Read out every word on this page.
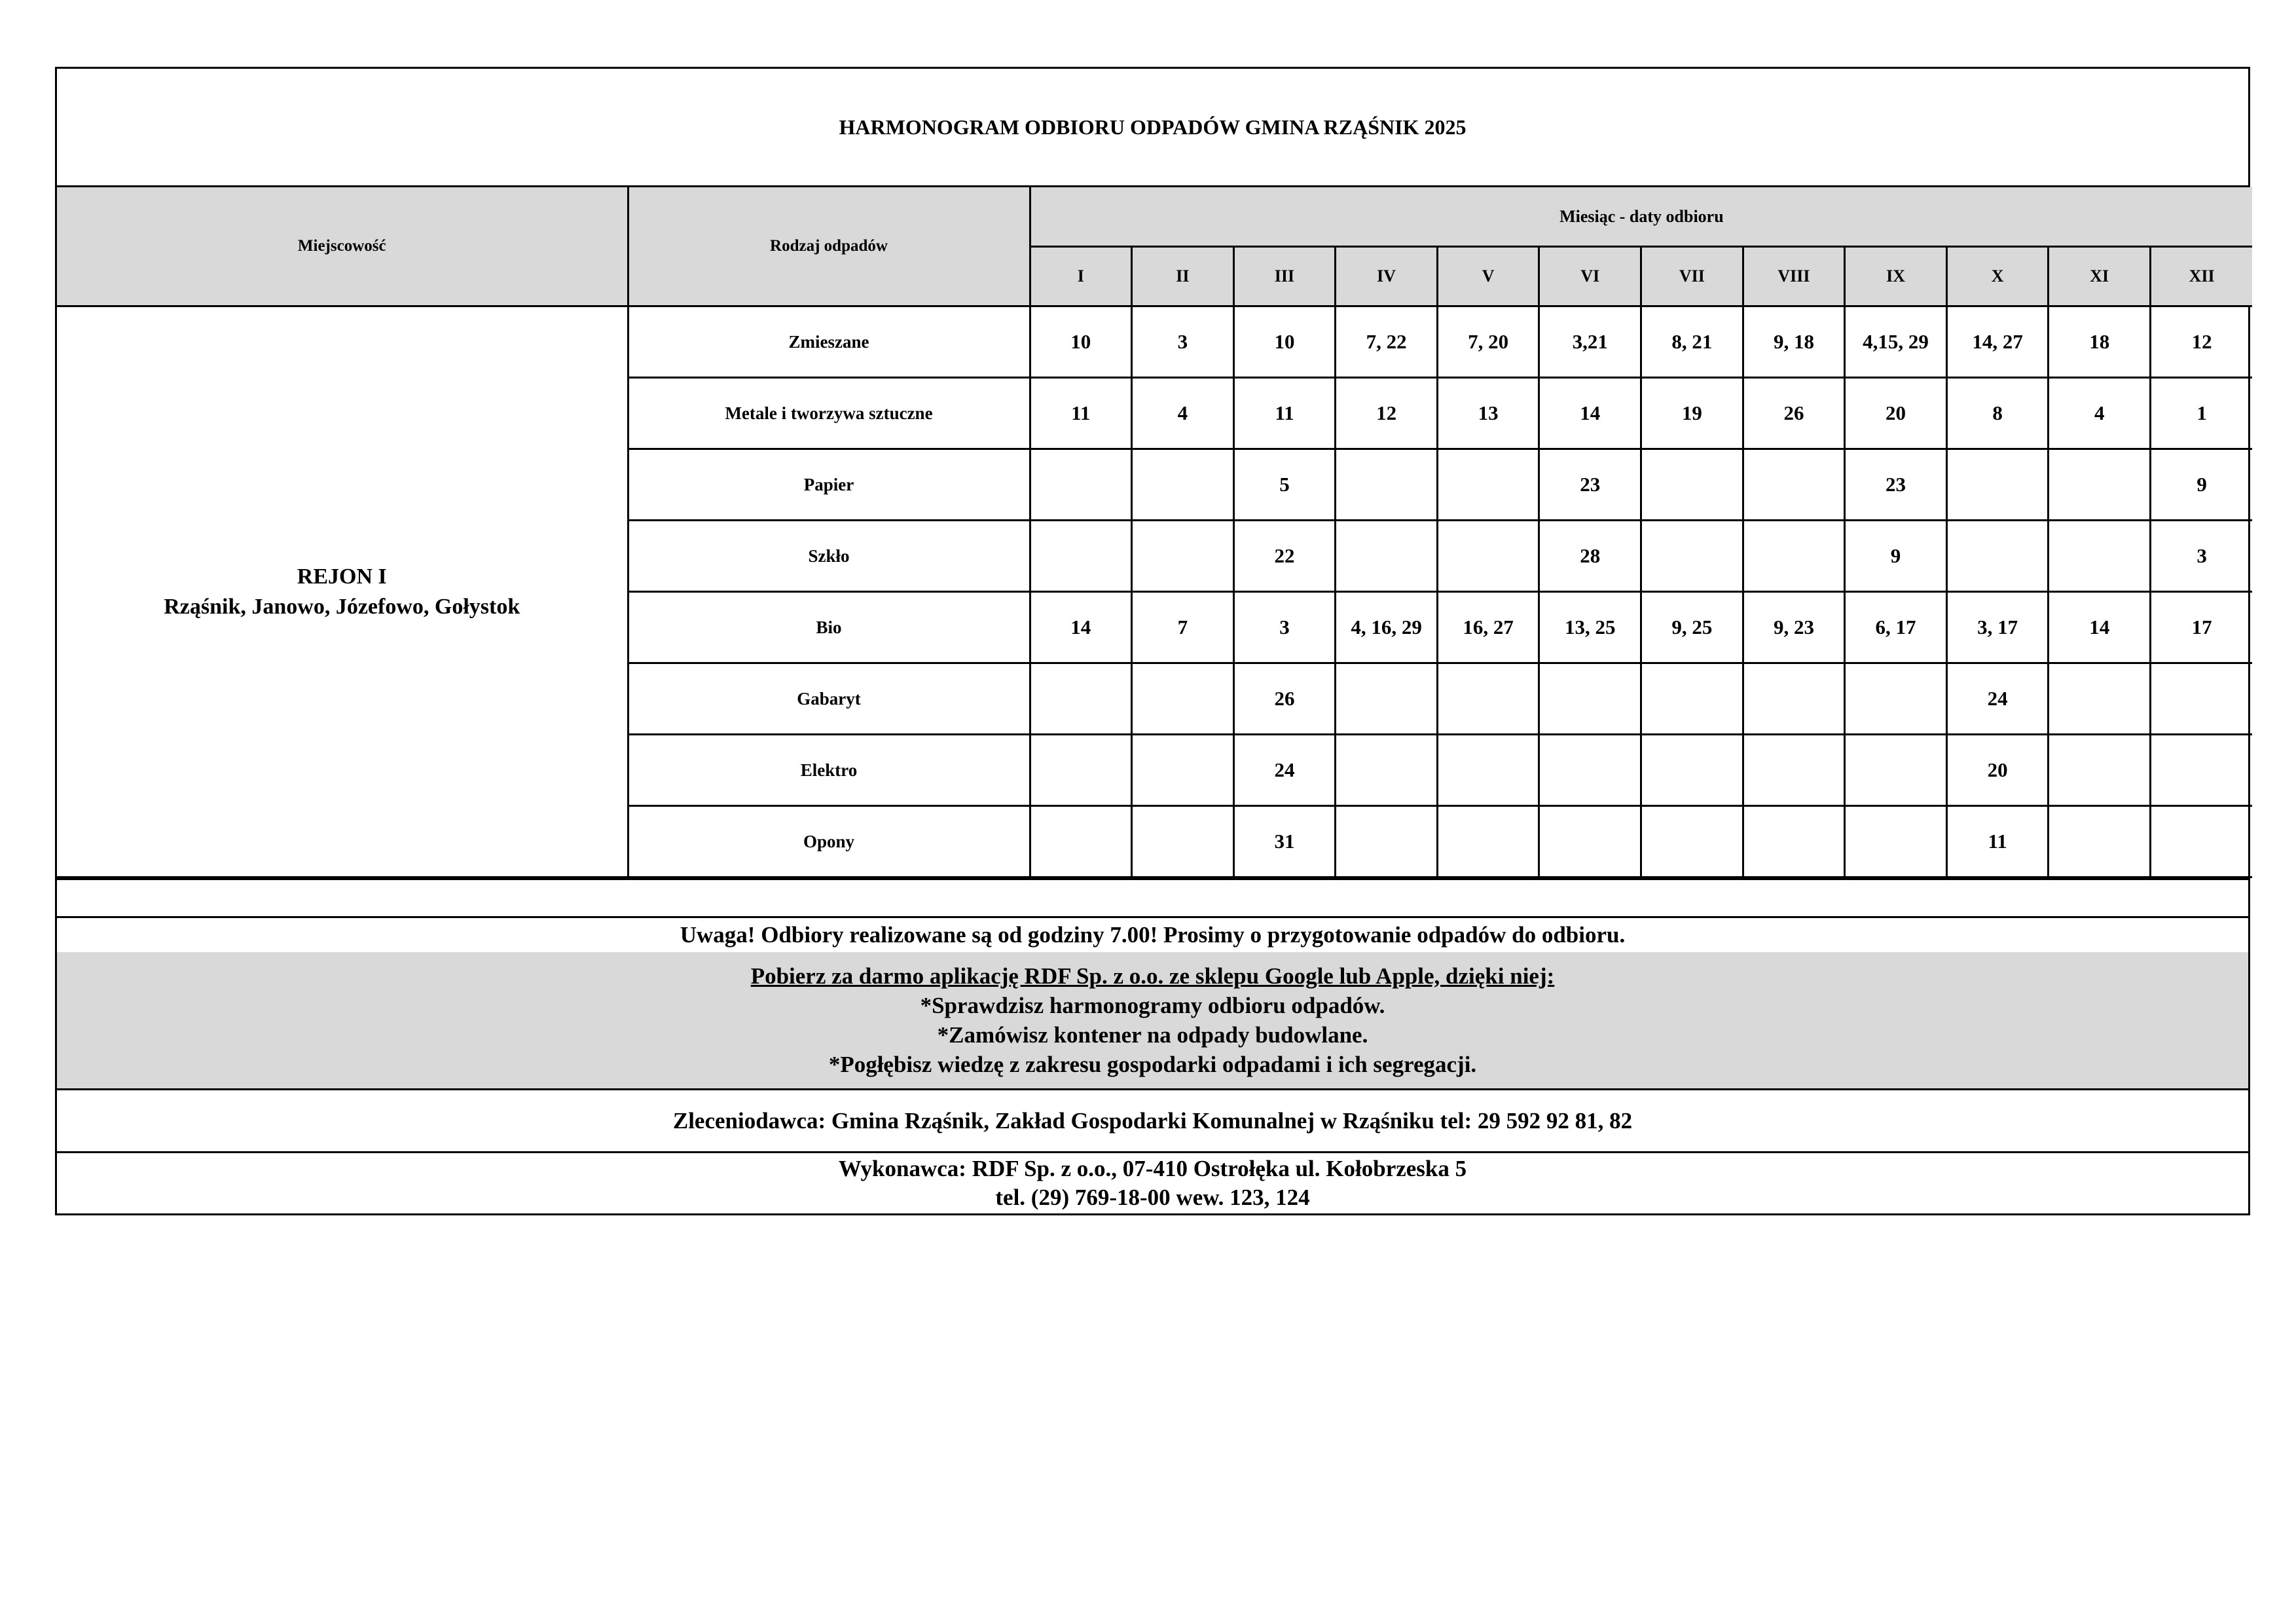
HARMONOGRAM ODBIORU ODPADÓW GMINA RZĄŚNIK 2025
Miejscowość	Rodzaj odpadów	Miesiąc - daty odbioru											
		I	II	III	IV	V	VI	VII	VIII	IX	X	XI	XII

REJON I
Rząśnik, Janowo, Józefowo, Gołystok	Zmieszane	10	3	10	7, 22	7, 20	3,21	8, 21	9, 18	4,15, 29	14, 27	18	12
	Metale i tworzywa sztuczne	11	4	11	12	13	14	19	26	20	8	4	1
	Papier			5			23			23			9
	Szkło			22			28			9			3
	Bio	14	7	3	4, 16, 29	16, 27	13, 25	9, 25	9, 23	6, 17	3, 17	14	17
	Gabaryt			26							24		
	Elektro			24							20		
	Opony			31							11		
Uwaga! Odbiory realizowane są od godziny 7.00! Prosimy o przygotowanie odpadów do odbioru.
Pobierz za darmo aplikację RDF Sp. z o.o. ze sklepu Google lub Apple, dzięki niej:
*Sprawdzisz harmonogramy odbioru odpadów.
*Zamówisz kontener na odpady budowlane.
*Pogłębisz wiedzę z zakresu gospodarki odpadami i ich segregacji.
Zleceniodawca: Gmina Rząśnik, Zakład Gospodarki Komunalnej w Rząśniku tel: 29 592 92 81, 82
Wykonawca: RDF Sp. z o.o., 07-410 Ostrołęka ul. Kołobrzeska 5
tel. (29) 769-18-00 wew. 123, 124
